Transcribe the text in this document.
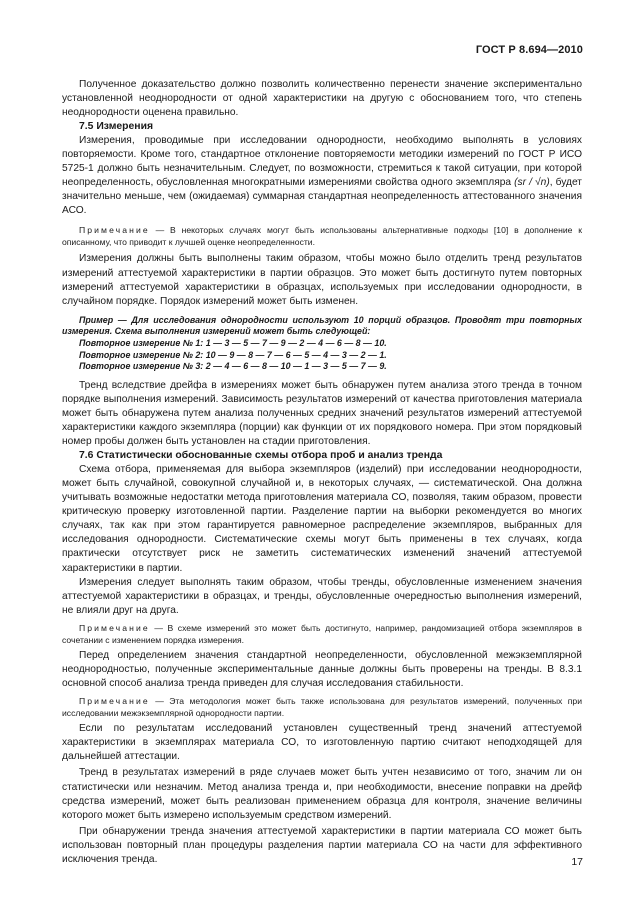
ГОСТ Р 8.694—2010

Полученное доказательство должно позволить количественно перенести значение экспериментально установленной неоднородности от одной характеристики на другую с обоснованием того, что степень неоднородности оценена правильно.

7.5 Измерения

Измерения, проводимые при исследовании однородности, необходимо выполнять в условиях повторяемости. Кроме того, стандартное отклонение повторяемости методики измерений по ГОСТ Р ИСО 5725-1 должно быть незначительным. Следует, по возможности, стремиться к такой ситуации, при которой неопределенность, обусловленная многократными измерениями свойства одного экземпляра (sr / √n), будет значительно меньше, чем (ожидаемая) суммарная стандартная неопределенность аттестованного значения АСО.

Примечание — В некоторых случаях могут быть использованы альтернативные подходы [10] в дополнение к описанному, что приводит к лучшей оценке неопределенности.

Измерения должны быть выполнены таким образом, чтобы можно было отделить тренд результатов измерений аттестуемой характеристики в партии образцов. Это может быть достигнуто путем повторных измерений аттестуемой характеристики в образцах, используемых при исследовании однородности, в случайном порядке. Порядок измерений может быть изменен.

Пример — Для исследования однородности используют 10 порций образцов. Проводят три повторных измерения. Схема выполнения измерений может быть следующей:

Повторное измерение № 1: 1 — 3 — 5 — 7 — 9 — 2 — 4 — 6 — 8 — 10.

Повторное измерение № 2: 10 — 9 — 8 — 7 — 6 — 5 — 4 — 3 — 2 — 1.

Повторное измерение № 3: 2 — 4 — 6 — 8 — 10 — 1 — 3 — 5 — 7 — 9.

Тренд вследствие дрейфа в измерениях может быть обнаружен путем анализа этого тренда в точном порядке выполнения измерений. Зависимость результатов измерений от качества приготовления материала может быть обнаружена путем анализа полученных средних значений результатов измерений аттестуемой характеристики каждого экземпляра (порции) как функции от их порядкового номера. При этом порядковый номер пробы должен быть установлен на стадии приготовления.

7.6 Статистически обоснованные схемы отбора проб и анализ тренда

Схема отбора, применяемая для выбора экземпляров (изделий) при исследовании неоднородности, может быть случайной, совокупной случайной и, в некоторых случаях, — систематической. Она должна учитывать возможные недостатки метода приготовления материала СО, позволяя, таким образом, провести критическую проверку изготовленной партии. Разделение партии на выборки рекомендуется во многих случаях, так как при этом гарантируется равномерное распределение экземпляров, выбранных для исследования однородности. Систематические схемы могут быть применены в тех случаях, когда практически отсутствует риск не заметить систематических изменений значений аттестуемой характеристики в партии.

Измерения следует выполнять таким образом, чтобы тренды, обусловленные изменением значения аттестуемой характеристики в образцах, и тренды, обусловленные очередностью выполнения измерений, не влияли друг на друга.

Примечание — В схеме измерений это может быть достигнуто, например, рандомизацией отбора экземпляров в сочетании с изменением порядка измерения.

Перед определением значения стандартной неопределенности, обусловленной межэкземплярной неоднородностью, полученные экспериментальные данные должны быть проверены на тренды. В 8.3.1 основной способ анализа тренда приведен для случая исследования стабильности.

Примечание — Эта методология может быть также использована для результатов измерений, полученных при исследовании межэкземплярной однородности партии.

Если по результатам исследований установлен существенный тренд значений аттестуемой характеристики в экземплярах материала СО, то изготовленную партию считают неподходящей для дальнейшей аттестации.

Тренд в результатах измерений в ряде случаев может быть учтен независимо от того, значим ли он статистически или незначим. Метод анализа тренда и, при необходимости, внесение поправки на дрейф средства измерений, может быть реализован применением образца для контроля, значение величины которого может быть измерено используемым средством измерений.

При обнаружении тренда значения аттестуемой характеристики в партии материала СО может быть использован повторный план процедуры разделения партии материала СО на части для эффективного исключения тренда.	17
